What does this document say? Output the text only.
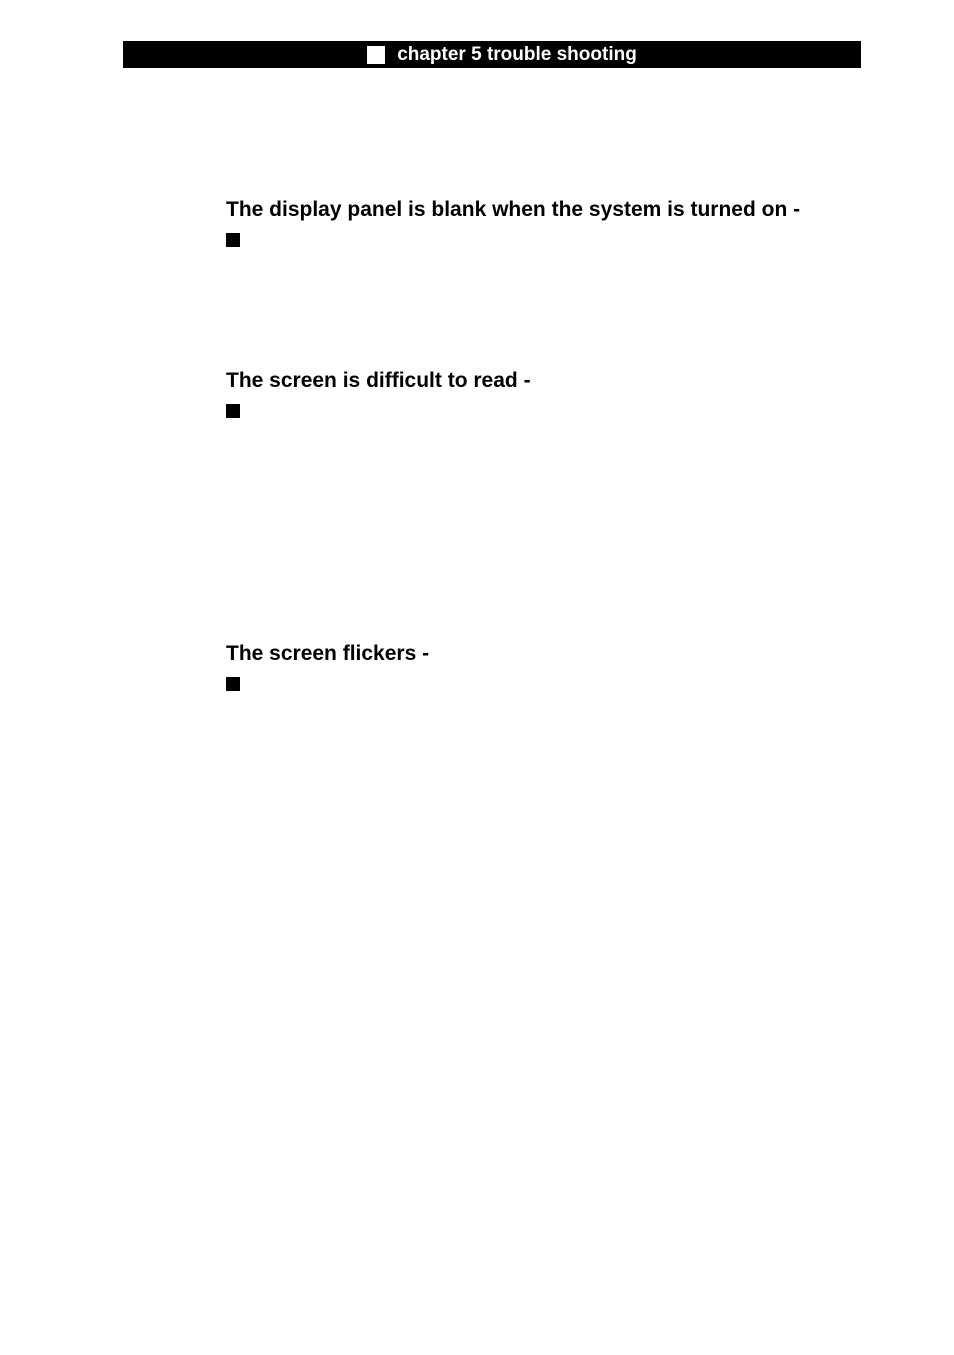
chapter 5 trouble shooting
The display panel is blank when the system is turned on -
The screen is difficult to read -
The screen flickers -
